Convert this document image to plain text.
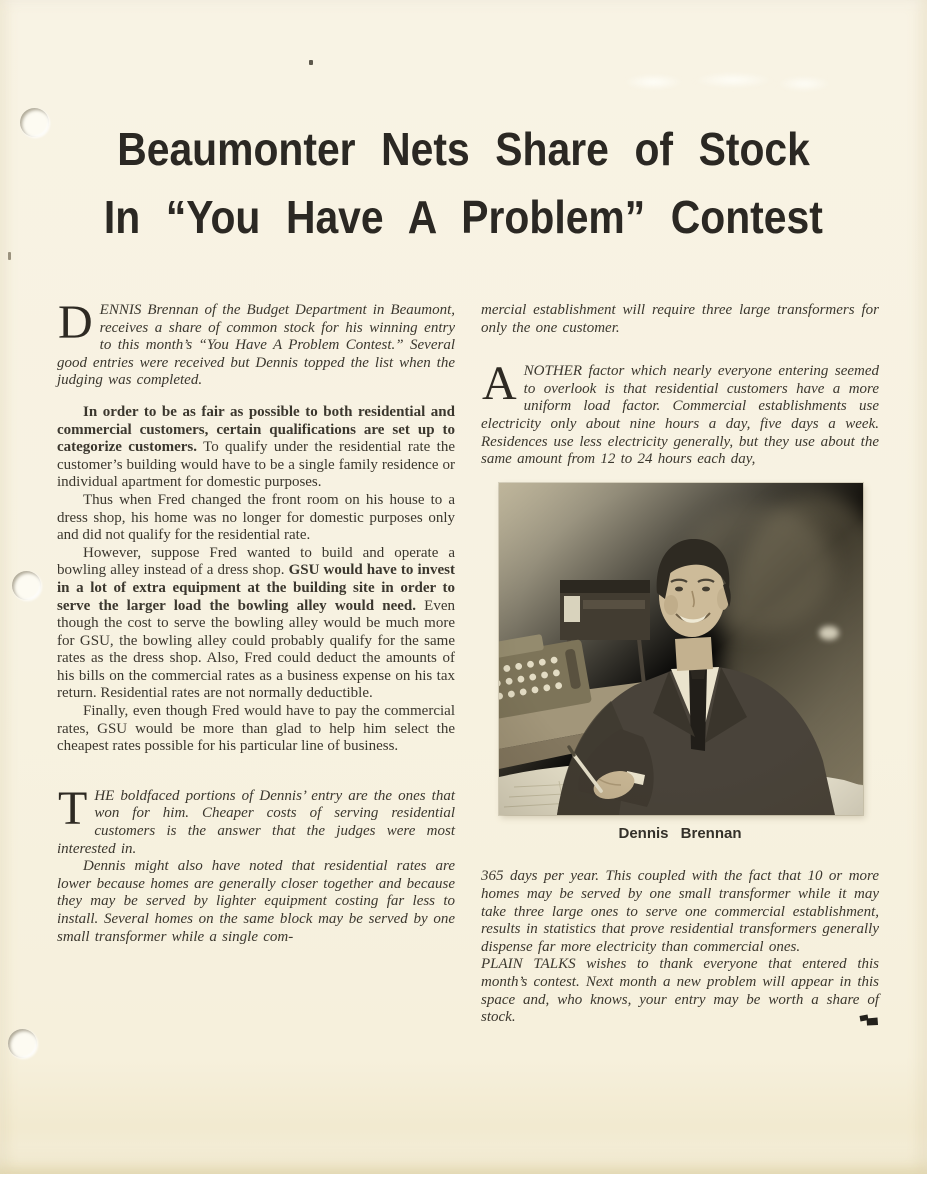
Beaumonter Nets Share of Stock
In “You Have A Problem” Contest

DENNIS Brennan of the Budget Department in Beaumont, receives a share of common stock for his winning entry to this month’s “You Have A Problem Contest.” Several good entries were received but Dennis topped the list when the judging was completed.

In order to be as fair as possible to both residential and commercial customers, certain qualifications are set up to categorize customers. To qualify under the residential rate the customer’s building would have to be a single family residence or individual apartment for domestic purposes.

Thus when Fred changed the front room on his house to a dress shop, his home was no longer for domestic purposes only and did not qualify for the residential rate.

However, suppose Fred wanted to build and operate a bowling alley instead of a dress shop. GSU would have to invest in a lot of extra equipment at the building site in order to serve the larger load the bowling alley would need. Even though the cost to serve the bowling alley would be much more for GSU, the bowling alley could probably qualify for the same rates as the dress shop. Also, Fred could deduct the amounts of his bills on the commercial rates as a business expense on his tax return. Residential rates are not normally deductible.

Finally, even though Fred would have to pay the commercial rates, GSU would be more than glad to help him select the cheapest rates possible for his particular line of business.

THE boldfaced portions of Dennis’ entry are the ones that won for him. Cheaper costs of serving residential customers is the answer that the judges were most interested in.

Dennis might also have noted that residential rates are lower because homes are generally closer together and because they may be served by lighter equipment costing far less to install. Several homes on the same block may be served by one small transformer while a single com-

mercial establishment will require three large transformers for only the one customer.

ANOTHER factor which nearly everyone entering seemed to overlook is that residential customers have a more uniform load factor. Commercial establishments use electricity only about nine hours a day, five days a week. Residences use less electricity generally, but they use about the same amount from 12 to 24 hours each day,

Dennis Brennan

365 days per year. This coupled with the fact that 10 or more homes may be served by one small transformer while it may take three large ones to serve one commercial establishment, results in statistics that prove residential transformers generally dispense far more electricity than commercial ones.

PLAIN TALKS wishes to thank everyone that entered this month’s contest. Next month a new problem will appear in this space and, who knows, your entry may be worth a share of stock.
